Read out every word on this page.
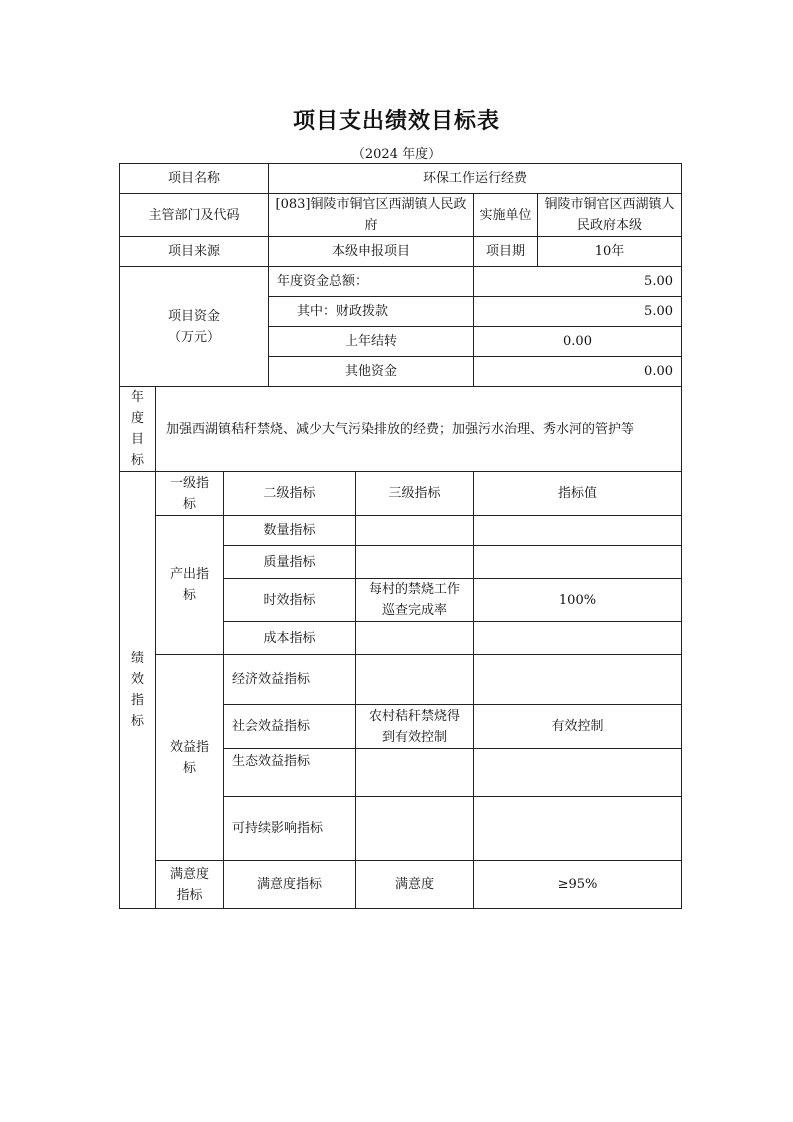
项目支出绩效目标表
（2024 年度）
项目名称			环保工作运行经费			
主管部门及代码			[083]铜陵市铜官区西湖镇人民政府		实施单位	铜陵市铜官区西湖镇人民政府本级
项目来源			本级申报项目		项目期	10年
项目资金
（万元）			年度资金总额：		5.00	
			其中：财政拨款		5.00	
			上年结转		0.00	
			其他资金		0.00	
年度目标	加强西湖镇秸秆禁烧、减少大气污染排放的经费；加强污水治理、秀水河的管护等					
绩效指标	一级指标	二级指标		三级指标	指标值	
	产出指标	数量指标				
		质量指标				
		时效指标		每村的禁烧工作巡查完成率	100%	
		成本指标				
	效益指标	经济效益指标				
		社会效益指标		农村秸秆禁烧得到有效控制	有效控制	
		生态效益指标				
		可持续影响指标				
	满意度指标	满意度指标		满意度	≥95%	
